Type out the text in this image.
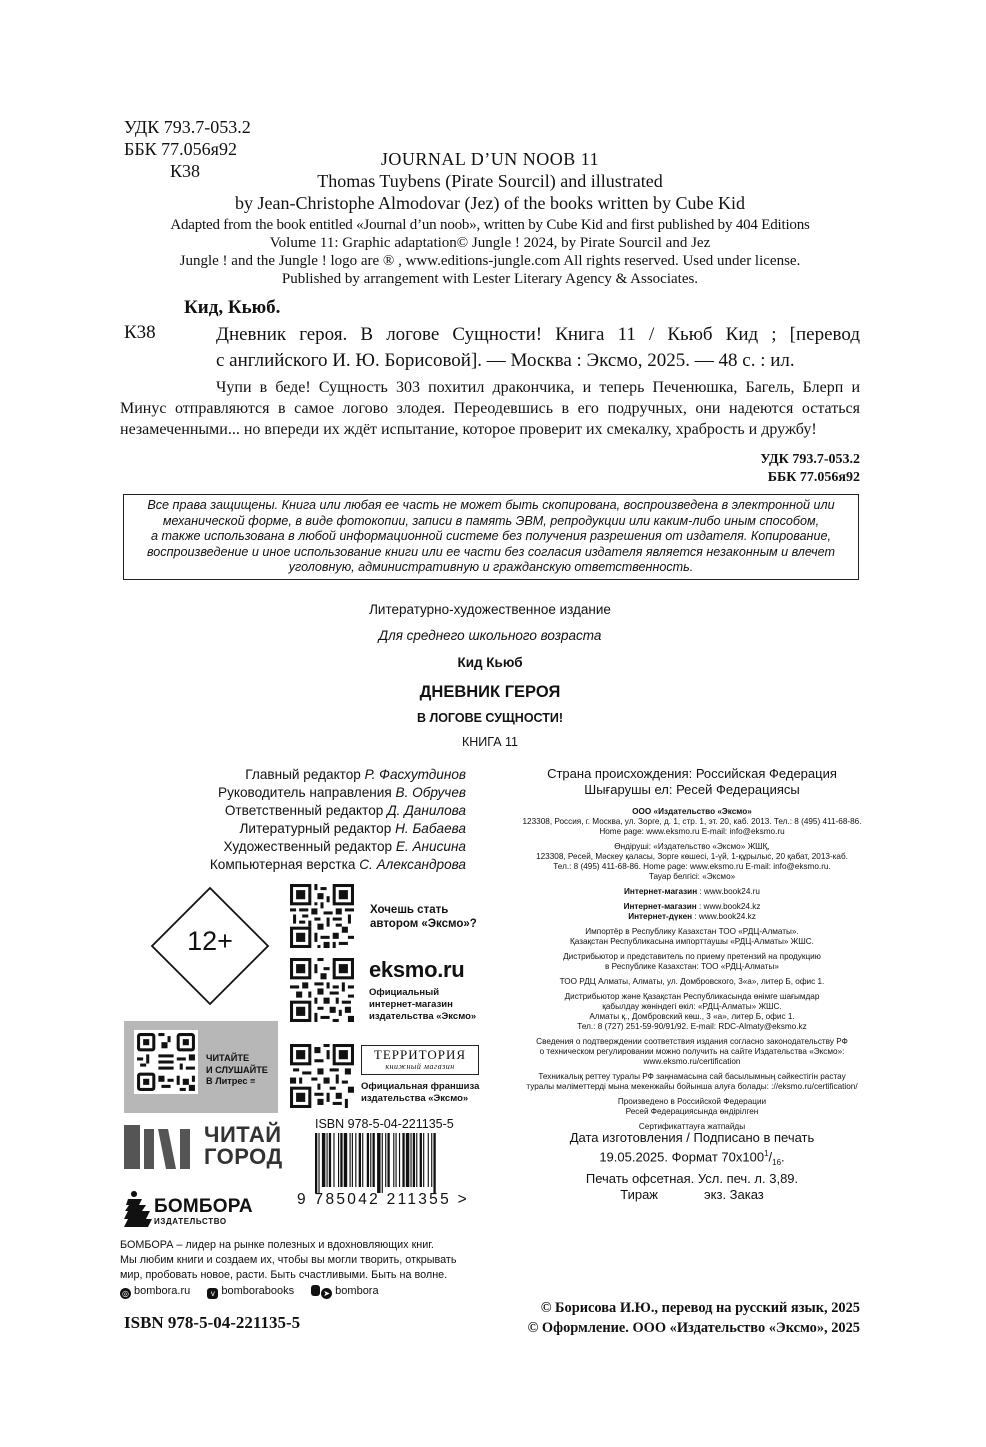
УДК 793.7-053.2
ББК 77.056я92
К38
JOURNAL D’UN NOOB 11
Thomas Tuybens (Pirate Sourcil) and illustrated
by Jean-Christophe Almodovar (Jez) of the books written by Cube Kid
Adapted from the book entitled «Journal d’un noob», written by Cube Kid and first published by 404 Editions
Volume 11: Graphic adaptation© Jungle ! 2024, by Pirate Sourcil and Jez
Jungle ! and the Jungle ! logo are ® , www.editions-jungle.com All rights reserved. Used under license.
Published by arrangement with Lester Literary Agency & Associates.
Кид, Кьюб.
К38	Дневник героя. В логове Сущности! Книга 11 / Кьюб Кид ; [перевод
с английского И. Ю. Борисовой]. — Москва : Эксмо, 2025. — 48 с. : ил.
Чупи в беде! Сущность 303 похитил дракончика, и теперь Печенюшка, Багель, Блерп и Минус отправляются в самое логово злодея. Переодевшись в его подручных, они надеются остаться незамеченными... но впереди их ждёт испытание, которое проверит их смекалку, храбрость и дружбу!
УДК 793.7-053.2
ББК 77.056я92
Все права защищены. Книга или любая ее часть не может быть скопирована, воспроизведена в электронной или
механической форме, в виде фотокопии, записи в память ЭВМ, репродукции или каким-либо иным способом,
а также использована в любой информационной системе без получения разрешения от издателя. Копирование,
воспроизведение и иное использование книги или ее части без согласия издателя является незаконным и влечет
уголовную, административную и гражданскую ответственность.
Литературно-художественное издание
Для среднего школьного возраста
Кид Кьюб
ДНЕВНИК ГЕРОЯ
В ЛОГОВЕ СУЩНОСТИ!
КНИГА 11
Главный редактор Р. Фасхутдинов
Руководитель направления В. Обручев
Ответственный редактор Д. Данилова
Литературный редактор Н. Бабаева
Художественный редактор Е. Анисина
Компьютерная верстка С. Александрова
Страна происхождения: Российская Федерация
Шығарушы ел: Ресей Федерациясы
ООО «Издательство «Эксмо»
123308, Россия, г. Москва, ул. Зорге, д. 1, стр. 1, эт. 20, каб. 2013. Тел.: 8 (495) 411-68-86.
Home page: www.eksmo.ru E-mail: info@eksmo.ru
Өндіруші: «Издательство «Эксмо» ЖШҚ,
123308, Ресей, Мәскеу қаласы, Зорге көшесі, 1-үй, 1-құрылыс, 20 қабат, 2013-каб.
Тел.: 8 (495) 411-68-86. Home page: www.eksmo.ru E-mail: info@eksmo.ru.
Тауар белгісі: «Эксмо»
Интернет-магазин : www.book24.ru
Интернет-магазин : www.book24.kz
Интернет-дүкен : www.book24.kz
Импортёр в Республику Казахстан ТОО «РДЦ-Алматы».
Қазақстан Республикасына импорттаушы «РДЦ-Алматы» ЖШС.
Дистрибьютор и представитель по приему претензий на продукцию
в Республике Казахстан: ТОО «РДЦ-Алматы»
ТОО РДЦ Алматы, Алматы, ул. Домбровского, 3«а», литер Б, офис 1.
Дистрибьютор және Қазақстан Республикасында өнімге шағымдар
қабылдау жөніндегі өкіл: «РДЦ-Алматы» ЖШС.
Алматы қ., Домбровский көш., 3 «а», литер Б, офис 1.
Тел.: 8 (727) 251-59-90/91/92. E-mail: RDC-Almaty@eksmo.kz
Сведения о подтверждении соответствия издания согласно законодательству РФ
о техническом регулировании можно получить на сайте Издательства «Эксмо»:
www.eksmo.ru/certification
Техникалық реттеу туралы РФ заңнамасына сай басылымның сәйкестігін растау
туралы мәліметтерді мына мекенжайы бойынша алуға болады: ://eksmo.ru/certification/
Произведено в Российской Федерации
Ресей Федерациясында өндірілген
Сертификаттауға жатпайды
Дата изготовления / Подписано в печать
19.05.2025. Формат $70х100^1/_{16}$.
Печать офсетная. Усл. печ. л. 3,89.
Тираж	экз. Заказ
12+
Хочешь стать
автором «Эксмо»?
eksmo.ru
Официальный
интернет-магазин
издательства «Эксмо»
ТЕРРИТОРИЯ
книжный магазин
Официальная франшиза
издательства «Эксмо»
ЧИТАЙТЕ
И СЛУШАЙТЕ
В Литрес ≡
ЧИТАЙ
ГОРОД
БОМБОРА
ИЗДАТЕЛЬСТВО
БОМБОРА – лидер на рынке полезных и вдохновляющих книг.
Мы любим книги и создаем их, чтобы вы могли творить, открывать
мир, пробовать новое, расти. Быть счастливыми. Быть на волне.
◎ bombora.ru	v bomborabooks	➤ bombora
ISBN 978-5-04-221135-5
9 785042 211355 >
ISBN 978-5-04-221135-5
© Борисова И.Ю., перевод на русский язык, 2025
© Оформление. ООО «Издательство «Эксмо», 2025
